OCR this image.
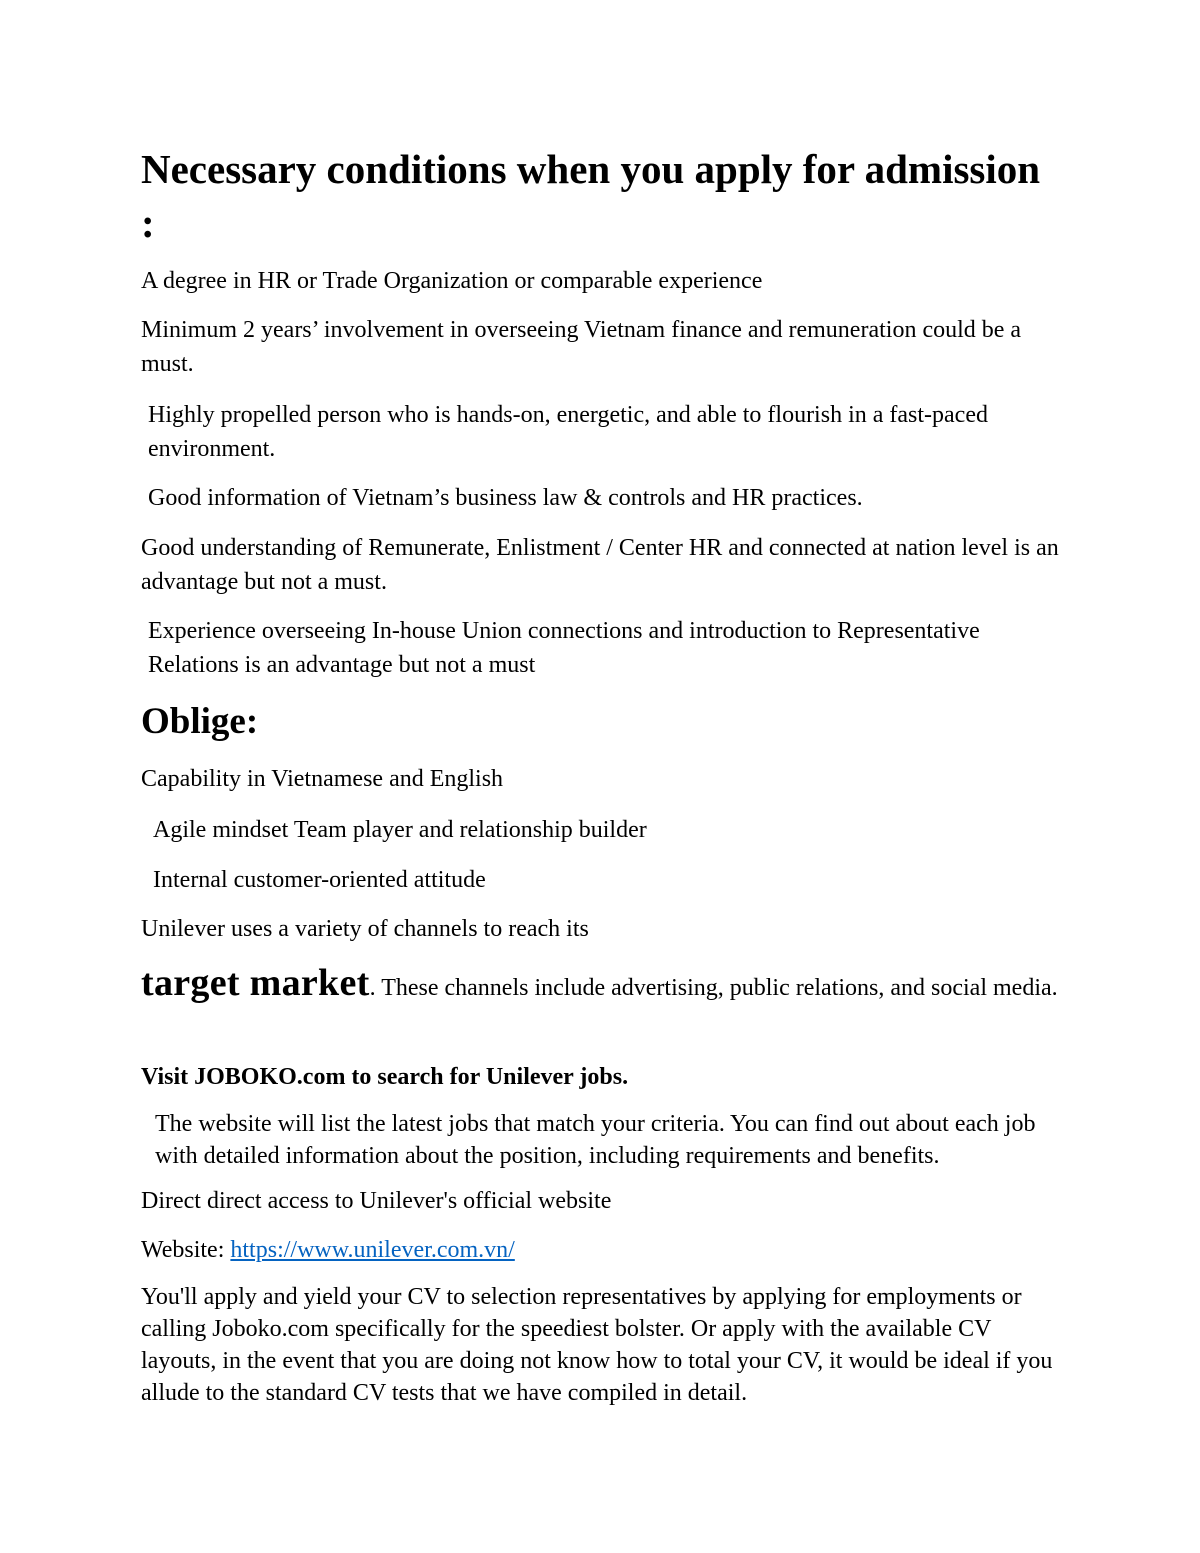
Necessary conditions when you apply for admission :

A degree in HR or Trade Organization or comparable experience

Minimum 2 years’ involvement in overseeing Vietnam finance and remuneration could be a must.

Highly propelled person who is hands-on, energetic, and able to flourish in a fast-paced environment.

Good information of Vietnam’s business law & controls and HR practices.

Good understanding of Remunerate, Enlistment / Center HR and connected at nation level is an advantage but not a must.

Experience overseeing In-house Union connections and introduction to Representative Relations is an advantage but not a must

Oblige:

Capability in Vietnamese and English

Agile mindset Team player and relationship builder

Internal customer-oriented attitude

Unilever uses a variety of channels to reach its

target market. These channels include advertising, public relations, and social media.

Visit JOBOKO.com to search for Unilever jobs.

The website will list the latest jobs that match your criteria. You can find out about each job with detailed information about the position, including requirements and benefits.

Direct direct access to Unilever's official website

Website: https://www.unilever.com.vn/

You'll apply and yield your CV to selection representatives by applying for employments or calling Joboko.com specifically for the speediest bolster. Or apply with the available CV layouts, in the event that you are doing not know how to total your CV, it would be ideal if you allude to the standard CV tests that we have compiled in detail.
